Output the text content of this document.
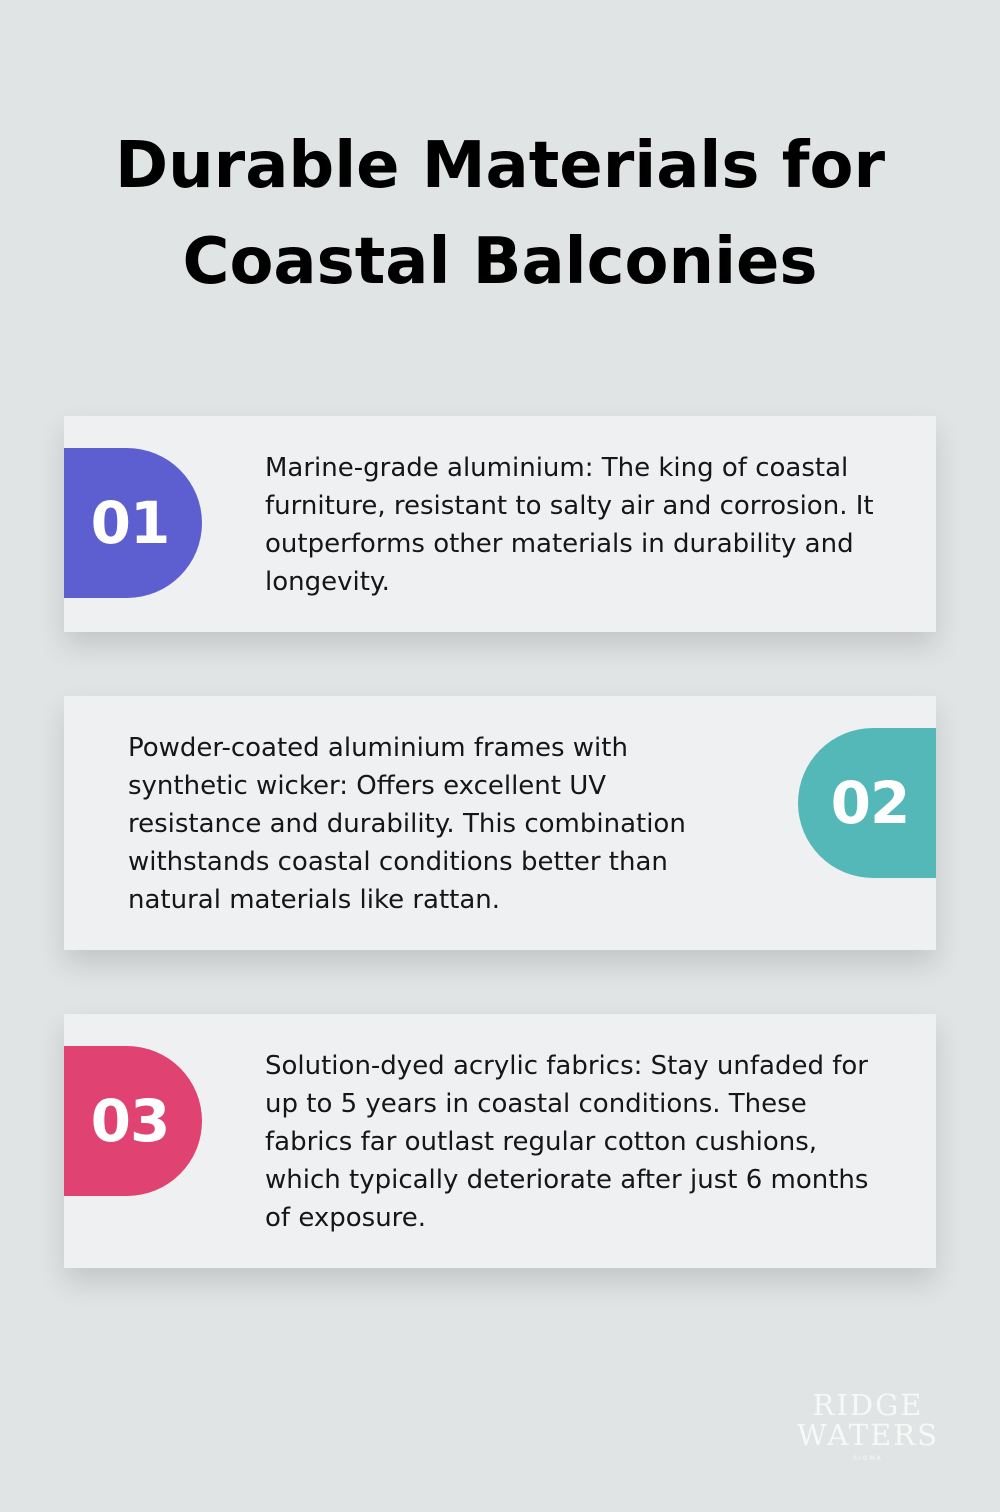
Durable Materials for
Coastal Balconies
01

Marine-grade aluminium: The king of coastal furniture, resistant to salty air and corrosion. It outperforms other materials in durability and longevity.

Powder-coated aluminium frames with synthetic wicker: Offers excellent UV resistance and durability. This combination withstands coastal conditions better than natural materials like rattan.

02
03

Solution-dyed acrylic fabrics: Stay unfaded for up to 5 years in coastal conditions. These fabrics far outlast regular cotton cushions, which typically deteriorate after just 6 months of exposure.

RIDGE
WATERS
SIGMA
